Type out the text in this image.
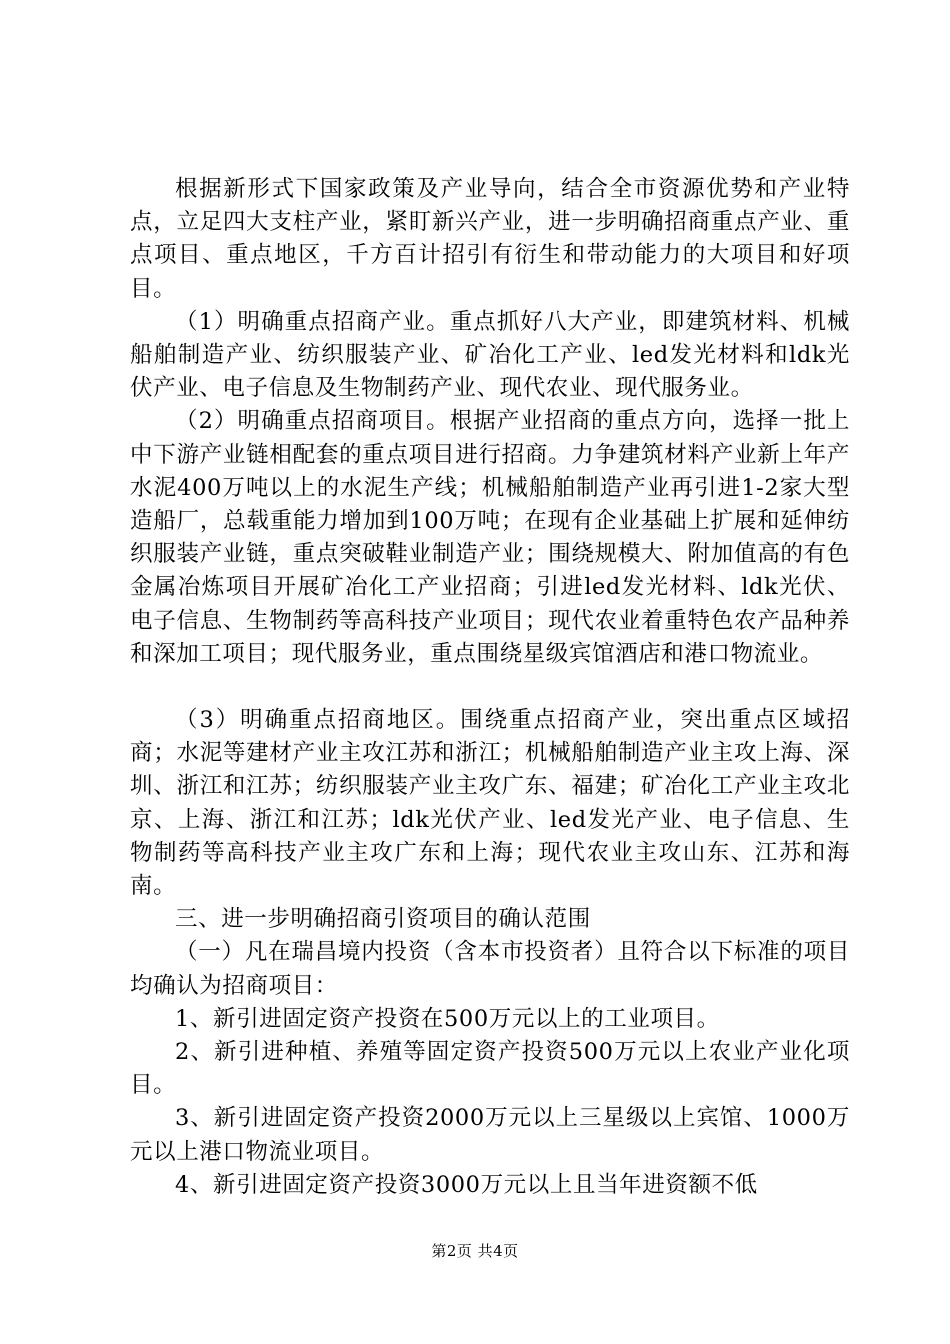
根据新形式下国家政策及产业导向，结合全市资源优势和产业特点，立足四大支柱产业，紧盯新兴产业，进一步明确招商重点产业、重点项目、重点地区，千方百计招引有衍生和带动能力的大项目和好项目。

（1）明确重点招商产业。重点抓好八大产业，即建筑材料、机械船舶制造产业、纺织服装产业、矿冶化工产业、led发光材料和ldk光伏产业、电子信息及生物制药产业、现代农业、现代服务业。

（2）明确重点招商项目。根据产业招商的重点方向，选择一批上中下游产业链相配套的重点项目进行招商。力争建筑材料产业新上年产水泥400万吨以上的水泥生产线；机械船舶制造产业再引进1-2家大型造船厂，总载重能力增加到100万吨；在现有企业基础上扩展和延伸纺织服装产业链，重点突破鞋业制造产业；围绕规模大、附加值高的有色金属冶炼项目开展矿冶化工产业招商；引进led发光材料、ldk光伏、电子信息、生物制药等高科技产业项目；现代农业着重特色农产品种养和深加工项目；现代服务业，重点围绕星级宾馆酒店和港口物流业。

（3）明确重点招商地区。围绕重点招商产业，突出重点区域招商；水泥等建材产业主攻江苏和浙江；机械船舶制造产业主攻上海、深圳、浙江和江苏；纺织服装产业主攻广东、福建；矿冶化工产业主攻北京、上海、浙江和江苏；ldk光伏产业、led发光产业、电子信息、生物制药等高科技产业主攻广东和上海；现代农业主攻山东、江苏和海南。

三、进一步明确招商引资项目的确认范围

（一）凡在瑞昌境内投资（含本市投资者）且符合以下标准的项目均确认为招商项目：

1、新引进固定资产投资在500万元以上的工业项目。

2、新引进种植、养殖等固定资产投资500万元以上农业产业化项目。

3、新引进固定资产投资2000万元以上三星级以上宾馆、1000万元以上港口物流业项目。

4、新引进固定资产投资3000万元以上且当年进资额不低

第2页 共4页
